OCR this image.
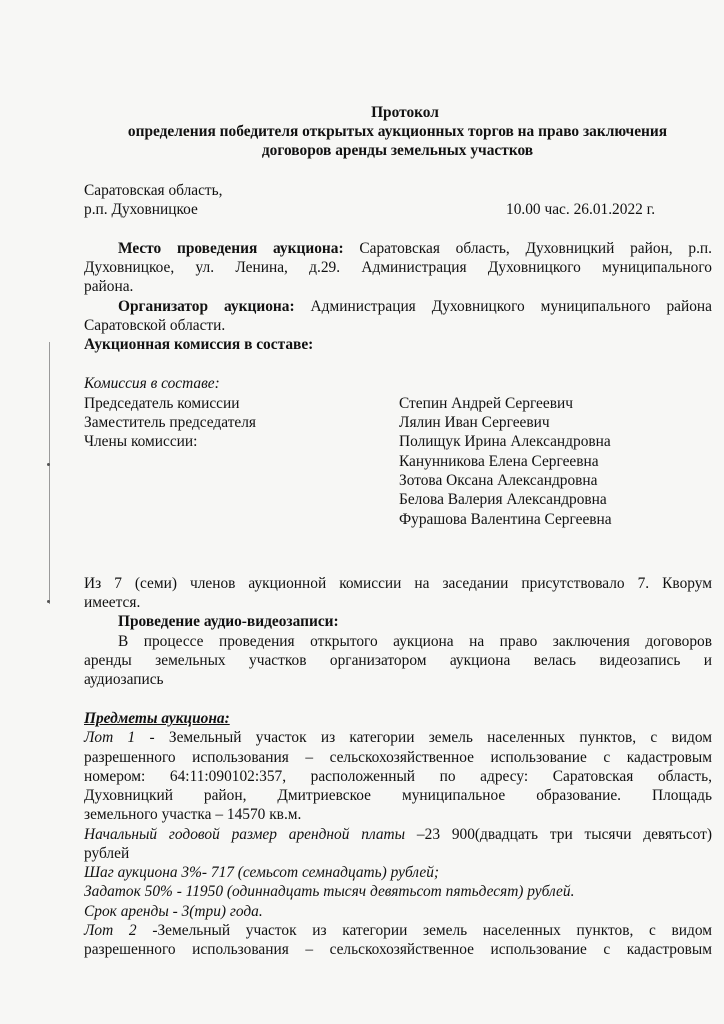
Протокол
определения победителя открытых аукционных торгов на право заключения
договоров аренды земельных участков
Саратовская область,
р.п. Духовницкое	10.00 час. 26.01.2022 г.
Место проведения аукциона: Саратовская область, Духовницкий район, р.п.
Духовницкое, ул. Ленина, д.29. Администрация Духовницкого муниципального
района.
Организатор аукциона: Администрация Духовницкого муниципального района
Саратовской области.
Аукционная комиссия в составе:
Комиссия в составе:
Председатель комиссии
Заместитель председателя
Члены комиссии:
Степин Андрей Сергеевич
Лялин Иван Сергеевич
Полищук Ирина Александровна
Канунникова Елена Сергеевна
Зотова Оксана Александровна
Белова Валерия Александровна
Фурашова Валентина Сергеевна
Из 7 (семи) членов аукционной комиссии на заседании присутствовало 7. Кворум
имеется.
Проведение аудио-видеозаписи:
В процессе проведения открытого аукциона на право заключения договоров
аренды земельных участков организатором аукциона велась видеозапись и
аудиозапись
Предметы аукциона:
Лот 1 - Земельный участок из категории земель населенных пунктов, с видом
разрешенного использования – сельскохозяйственное использование с кадастровым
номером: 64:11:090102:357, расположенный по адресу: Саратовская область,
Духовницкий район, Дмитриевское муниципальное образование. Площадь
земельного участка – 14570 кв.м.
Начальный годовой размер арендной платы –23 900(двадцать три тысячи девятьсот)
рублей
Шаг аукциона 3%- 717 (семьсот семнадцать) рублей;
Задаток 50% - 11950 (одиннадцать тысяч девятьсот пятьдесят) рублей.
Срок аренды - 3(три) года.
Лот 2 -Земельный участок из категории земель населенных пунктов, с видом
разрешенного использования – сельскохозяйственное использование с кадастровым
